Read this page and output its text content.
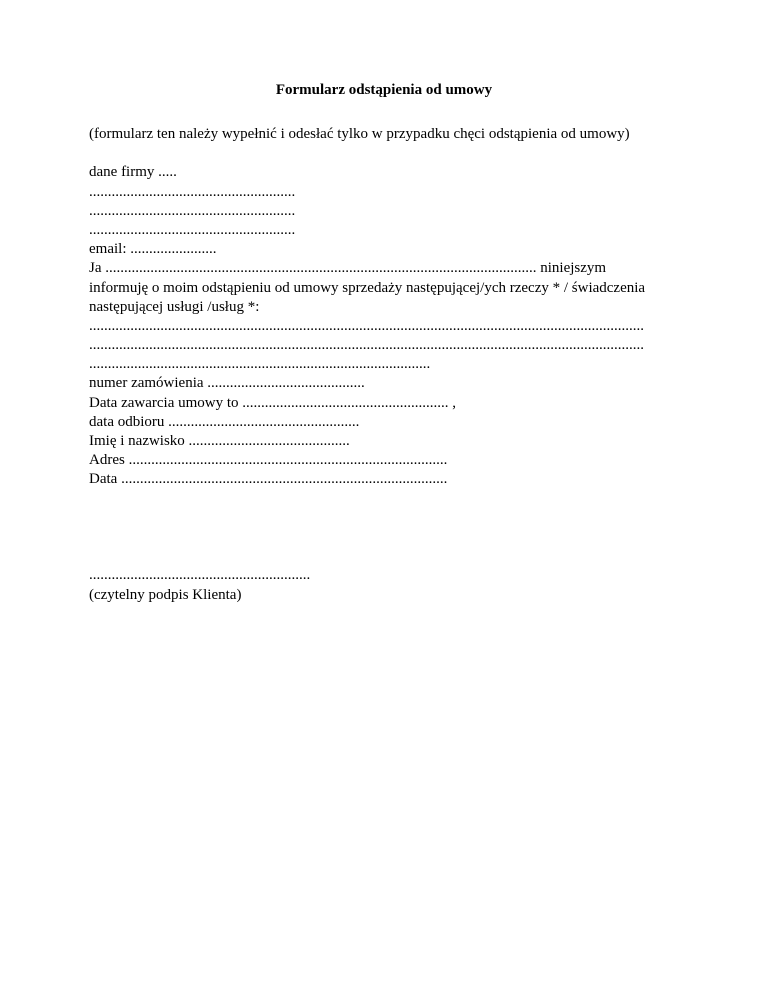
Formularz odstąpienia od umowy
(formularz ten należy wypełnić i odesłać tylko w przypadku chęci odstąpienia od umowy)
dane firmy .....
.......................................................
.......................................................
.......................................................
email: .......................
Ja ................................................................................................................... niniejszym
informuję o moim odstąpieniu od umowy sprzedaży następującej/ych rzeczy * / świadczenia
następującej usługi /usług *:
....................................................................................................................................................
....................................................................................................................................................
...........................................................................................
numer zamówienia ..........................................
Data zawarcia umowy to ....................................................... ,
data odbioru ...................................................
Imię i nazwisko ...........................................
Adres .....................................................................................
Data .......................................................................................
...........................................................
(czytelny podpis Klienta)
